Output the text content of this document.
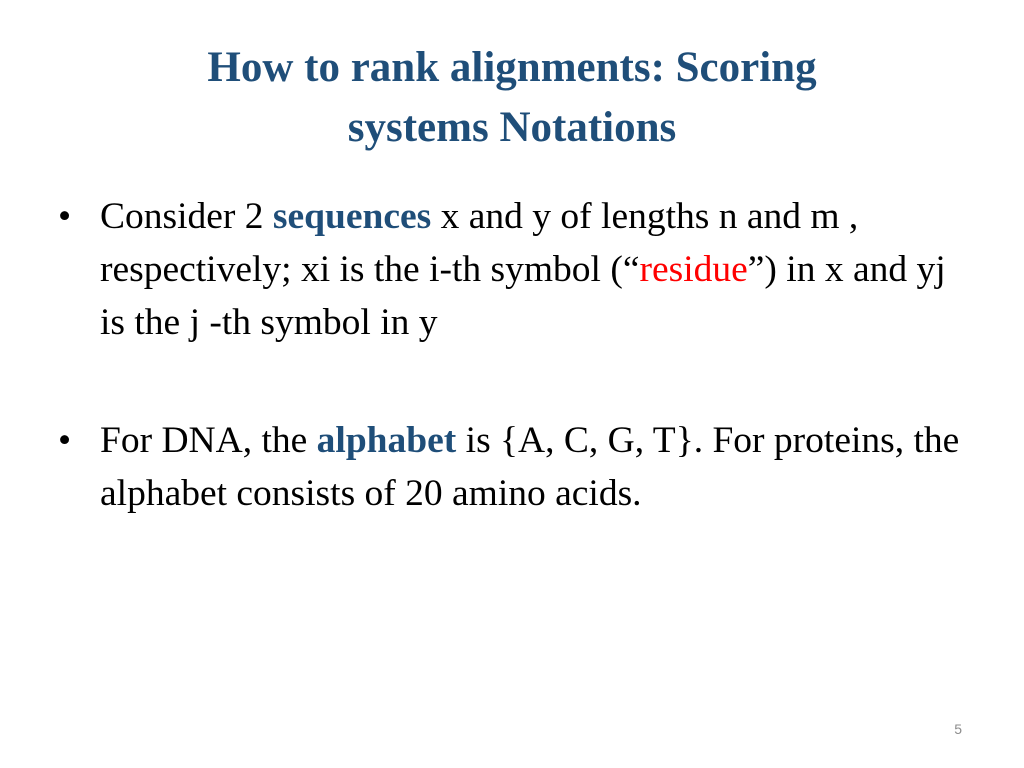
How to rank alignments: Scoring
systems Notations
• Consider 2 sequences x and y of lengths n and m , respectively; xi is the i-th symbol (“residue”) in x and yj is the j -th symbol in y
• For DNA, the alphabet is {A, C, G, T}. For proteins, the alphabet consists of 20 amino acids.
5
